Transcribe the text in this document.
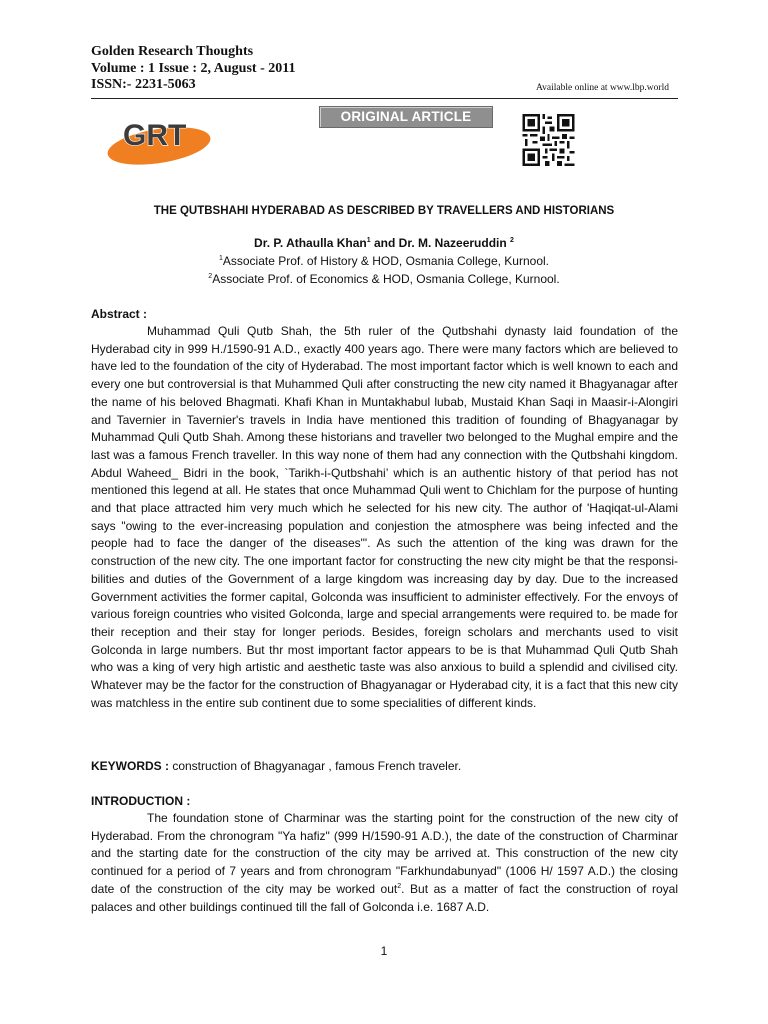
Golden Research Thoughts
Volume : 1 Issue : 2, August - 2011
ISSN:- 2231-5063	Available online at www.lbp.world
ORIGINAL ARTICLE
GRT
THE QUTBSHAHI HYDERABAD AS DESCRIBED BY TRAVELLERS AND HISTORIANS
Dr. P. Athaulla Khan$^1$ and Dr. M. Nazeeruddin $^2$
$^1$Associate Prof. of History & HOD, Osmania College, Kurnool.
$^2$Associate Prof. of Economics & HOD, Osmania College, Kurnool.
Abstract :
Muhammad Quli Qutb Shah, the 5th ruler of the Qutbshahi dynasty laid foundation of the Hyderabad city in 999 H./1590-91 A.D., exactly 400 years ago. There were many factors which are believed to have led to the foundation of the city of Hyderabad. The most important factor which is well known to each and every one but controversial is that Muhammed Quli after constructing the new city named it Bhagyanagar after the name of his beloved Bhagmati. Khafi Khan in Muntakhabul lubab, Mustaid Khan Saqi in Maasir-i-Alongiri and Tavernier in Tavernier's travels in India have mentioned this tradition of founding of Bhagyanagar by Muhammad Quli Qutb Shah. Among these historians and traveller two belonged to the Mughal empire and the last was a famous French traveller. In this way none of them had any connection with the Qutbshahi kingdom. Abdul Waheed_ Bidri in the book, `Tarikh-i-Qutbshahi’ which is an authentic history of that period has not mentioned this legend at all. He states that once Muhammad Quli went to Chichlam for the purpose of hunting and that place attracted him very much which he selected for his new city. The author of 'Haqiqat-ul-Alami says "owing to the ever-increasing population and conjestion the atmosphere was being infected and the people had to face the danger of the diseases"'. As such the attention of the king was drawn for the construction of the new city. The one important factor for constructing the new city might be that the responsi-bilities and duties of the Government of a large kingdom was increasing day by day. Due to the increased Government activities the former capital, Golconda was insufficient to administer effectively. For the envoys of various foreign countries who visited Golconda, large and special arrangements were required to. be made for their reception and their stay for longer periods. Besides, foreign scholars and merchants used to visit Golconda in large numbers. But thr most important factor appears to be is that Muhammad Quli Qutb Shah who was a king of very high artistic and aesthetic taste was also anxious to build a splendid and civilised city. Whatever may be the factor for the construction of Bhagyanagar or Hyderabad city, it is a fact that this new city was matchless in the entire sub continent due to some specialities of different kinds.
KEYWORDS : construction of Bhagyanagar , famous French traveler.
INTRODUCTION :
The foundation stone of Charminar was the starting point for the construction of the new city of Hyderabad. From the chronogram "Ya hafiz" (999 H/1590-91 A.D.), the date of the construction of Charminar and the starting date for the construction of the city may be arrived at. This construction of the new city continued for a period of 7 years and from chronogram "Farkhundabunyad" (1006 H/ 1597 A.D.) the closing date of the construction of the city may be worked out$^2$. But as a matter of fact the construction of royal palaces and other buildings continued till the fall of Golconda i.e. 1687 A.D.
1
